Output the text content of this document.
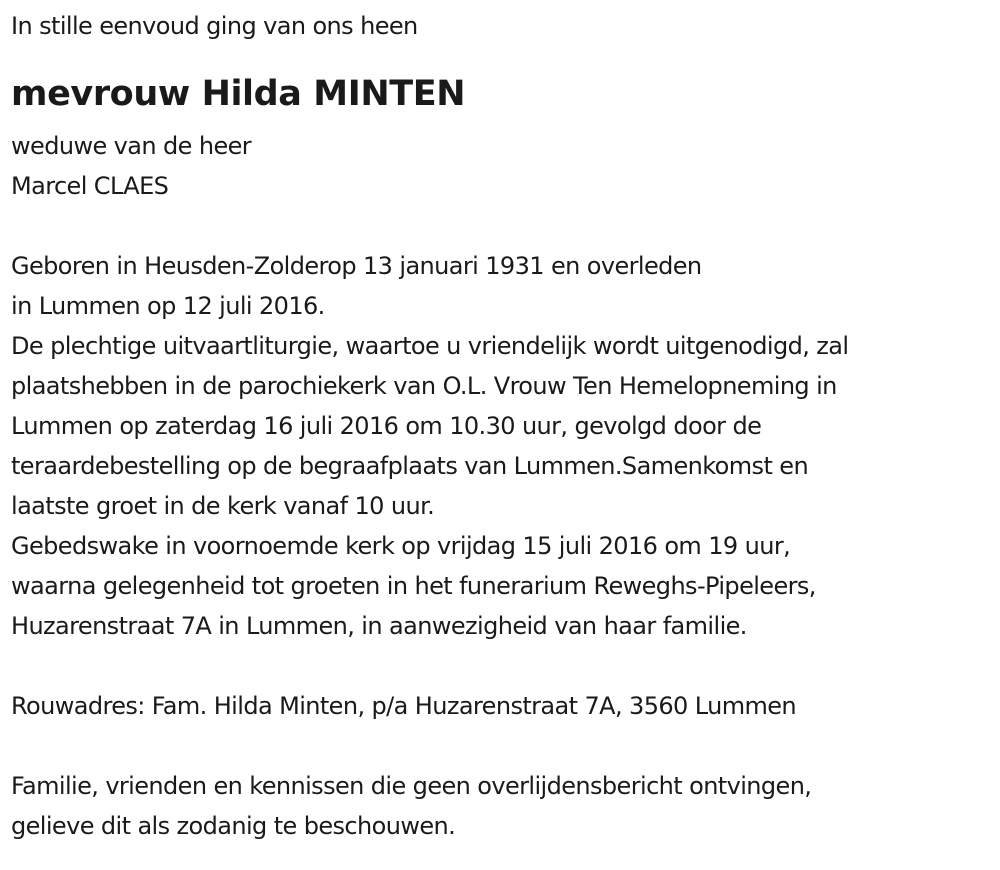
In stille eenvoud ging van ons heen
mevrouw Hilda MINTEN
weduwe van de heer
Marcel CLAES
Geboren in Heusden-Zolderop 13 januari 1931 en overleden
in Lummen op 12 juli 2016.
De plechtige uitvaartliturgie, waartoe u vriendelijk wordt uitgenodigd, zal
plaatshebben in de parochiekerk van O.L. Vrouw Ten Hemelopneming in
Lummen op zaterdag 16 juli 2016 om 10.30 uur, gevolgd door de
teraardebestelling op de begraafplaats van Lummen.Samenkomst en
laatste groet in de kerk vanaf 10 uur.
Gebedswake in voornoemde kerk op vrijdag 15 juli 2016 om 19 uur,
waarna gelegenheid tot groeten in het funerarium Reweghs-Pipeleers,
Huzarenstraat 7A in Lummen, in aanwezigheid van haar familie.
Rouwadres: Fam. Hilda Minten, p/a Huzarenstraat 7A, 3560 Lummen
Familie, vrienden en kennissen die geen overlijdensbericht ontvingen,
gelieve dit als zodanig te beschouwen.
